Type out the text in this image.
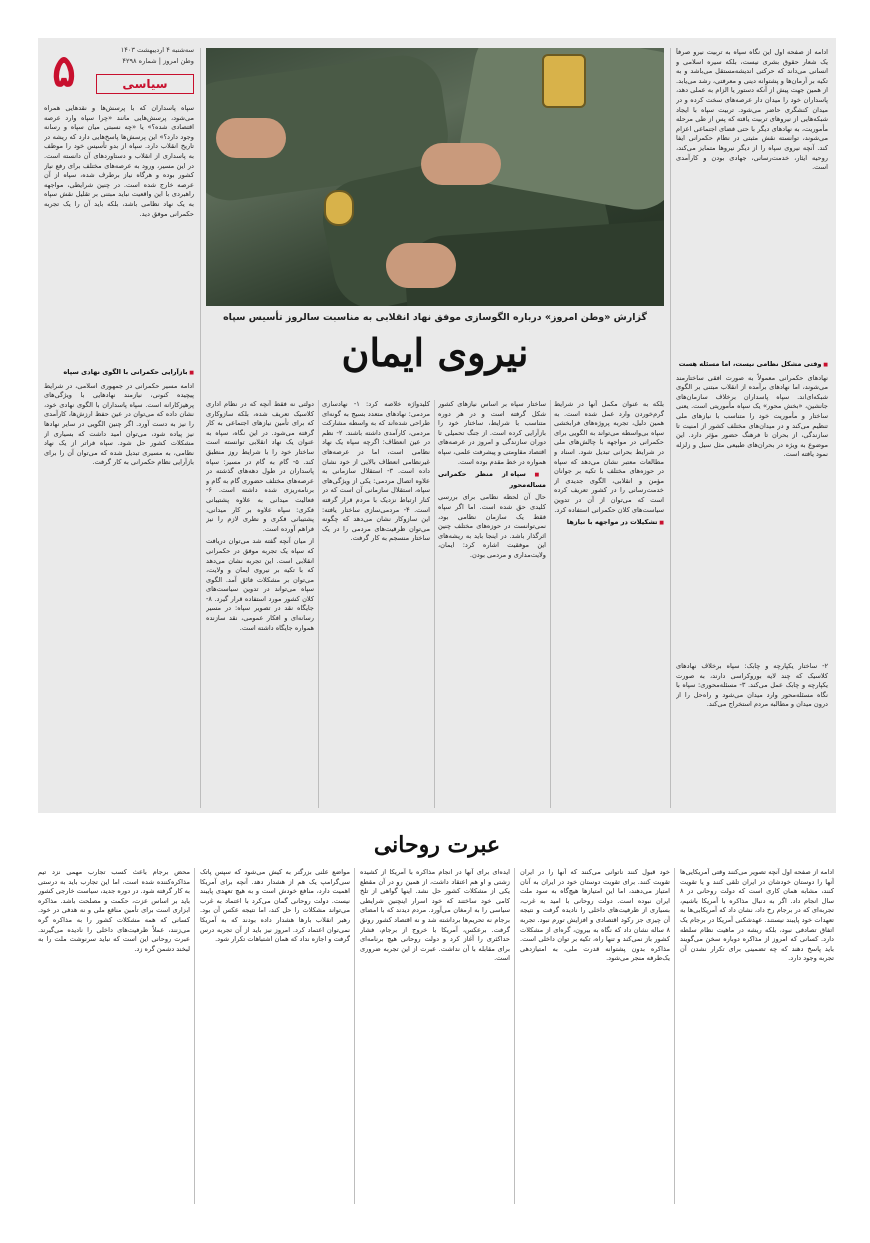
۵	سه‌شنبه ۴ اردیبهشت ۱۴۰۳
وطن امروز | شماره ۴۲۹۸
سیاسی

سپاه پاسداران که با پرسش‌ها و نقدهایی همراه می‌شود، پرسش‌هایی مانند «چرا سپاه وارد عرصه اقتصادی شده؟» یا «چه نسبتی میان سپاه و رسانه وجود دارد؟» این پرسش‌ها پاسخ‌هایی دارد که ریشه در تاریخ انقلاب دارد. سپاه از بدو تأسیس خود را موظف به پاسداری از انقلاب و دستاوردهای آن دانسته است. در این مسیر، ورود به عرصه‌های مختلف برای رفع نیاز کشور بوده و هرگاه نیاز برطرف شده، سپاه از آن عرصه خارج شده است. در چنین شرایطی، مواجهه راهبردی با این واقعیت نباید مبتنی بر تقلیل نقش سپاه به یک نهاد نظامی باشد، بلکه باید آن را یک تجربه حکمرانی موفق دید.

■ بازآرایی حکمرانی با الگوی نهادی سپاه

ادامه مسیر حکمرانی در جمهوری اسلامی، در شرایط پیچیده کنونی، نیازمند نهادهایی با ویژگی‌های پرهیزکارانه است. سپاه پاسداران با الگوی نهادی خود، نشان داده که می‌توان در عین حفظ ارزش‌ها، کارآمدی را نیز به دست آورد. اگر چنین الگویی در سایر نهادها نیز پیاده شود، می‌توان امید داشت که بسیاری از مشکلات کشور حل شود. سپاه فراتر از یک نهاد نظامی، به مسیری تبدیل شده که می‌توان آن را برای بازآرایی نظام حکمرانی به کار گرفت.

گزارش «وطن امروز» درباره الگوسازی موفق نهاد انقلابی به مناسبت سالروز تأسیس سپاه
نیروی ایمان

دولتی نه فقط آنچه که در نظام اداری کلاسیک تعریف شده، بلکه سازوکاری که برای تأمین نیازهای اجتماعی به کار گرفته می‌شود. در این نگاه، سپاه به عنوان یک نهاد انقلابی توانسته است ساختار خود را با شرایط روز منطبق کند. ۵- گام به گام در مسیر: سپاه پاسداران در طول دهه‌های گذشته در عرصه‌های مختلف حضوری گام به گام و برنامه‌ریزی شده داشته است. ۶- فعالیت میدانی به علاوه پشتیبانی فکری: سپاه علاوه بر کار میدانی، پشتیبانی فکری و نظری لازم را نیز فراهم آورده است.

از میان آنچه گفته شد می‌توان دریافت که سپاه یک تجربه موفق در حکمرانی انقلابی است. این تجربه نشان می‌دهد که با تکیه بر نیروی ایمان و ولایت، می‌توان بر مشکلات فائق آمد. الگوی سپاه می‌تواند در تدوین سیاست‌های کلان کشور مورد استفاده قرار گیرد. ۸- جایگاه نقد در تصویر سپاه: در مسیر رسانه‌ای و افکار عمومی، نقد سازنده همواره جایگاه داشته است.

کلیدواژه خلاصه کرد: ۱- نهادسازی مردمی: نهادهای متعدد بسیج به گونه‌ای طراحی شده‌اند که به واسطه مشارکت مردمی، کارآمدی داشته باشند. ۲- نظم در عین انعطاف: اگرچه سپاه یک نهاد نظامی است، اما در عرصه‌های غیرنظامی انعطاف بالایی از خود نشان داده است. ۳- استقلال سازمانی به علاوه اتصال مردمی: یکی از ویژگی‌های سپاه، استقلال سازمانی آن است که در کنار ارتباط نزدیک با مردم قرار گرفته است. ۴- مردمی‌سازی ساختار یافته: این سازوکار نشان می‌دهد که چگونه می‌توان ظرفیت‌های مردمی را در یک ساختار منسجم به کار گرفت.

ساختار سپاه بر اساس نیازهای کشور شکل گرفته است و در هر دوره متناسب با شرایط، ساختار خود را بازآرایی کرده است. از جنگ تحمیلی تا دوران سازندگی و امروز در عرصه‌های اقتصاد مقاومتی و پیشرفت علمی، سپاه همواره در خط مقدم بوده است.

■ سپاه از منظر حکمرانی مساله‌محور

حال آن لحظه نظامی برای بررسی کلیدی حق شده است. اما اگر سپاه فقط یک سازمان نظامی بود، نمی‌توانست در حوزه‌های مختلف چنین اثرگذار باشد. در اینجا باید به ریشه‌های این موفقیت اشاره کرد: ایمان، ولایت‌مداری و مردمی بودن.

بلکه به عنوان مکمل آنها در شرایط گرم‌خوردن وارد عمل شده است. به همین دلیل، تجربه پروژه‌های فرابخشی سپاه بی‌واسطه می‌تواند به الگویی برای حکمرانی در مواجهه با چالش‌های ملی در شرایط بحرانی تبدیل شود. اسناد و مطالعات معتبر نشان می‌دهد که سپاه در حوزه‌های مختلف با تکیه بر جوانان مؤمن و انقلابی، الگوی جدیدی از خدمت‌رسانی را در کشور تعریف کرده است که می‌توان از آن در تدوین سیاست‌های کلان حکمرانی استفاده کرد.

■ تشکیلات در مواجهه با نیازها

ادامه از صفحه اول این نگاه سپاه به تربیت نیرو صرفاً یک شعار حقوق بشری نیست، بلکه سیره اسلامی و انسانی می‌داند که حرکتی اندیشه‌مستقل می‌باشد و به تکیه بر آرمان‌ها و پشتوانه دینی و معرفتی، رشد می‌یابد. از همین جهت پیش از آنکه دستور یا الزام به عملی دهد، پاسداران خود را میدان دار عرصه‌های سخت کرده و در میدان کنشگری حاضر می‌شود. تربیت سپاه با ایجاد شبکه‌هایی از نیروهای تربیت یافته که پس از طی مرحله مأموریت، به نهادهای دیگر با حتی فضای اجتماعی اعزام می‌شوند، توانسته نقش مثبتی در نظام حکمرانی ایفا کند. آنچه نیروی سپاه را از دیگر نیروها متمایز می‌کند، روحیه ایثار، خدمت‌رسانی، جهادی بودن و کارآمدی است.

■ وفتی مشکل نظامی نیست، اما مسئله هست

نهادهای حکمرانی معمولاً به صورت افقی ساختارمند می‌شوند، اما نهادهای برآمده از انقلاب مبتنی بر الگوی شبکه‌ای‌اند. سپاه پاسداران برخلاف سازمان‌های جانشین، «بخش محور» یک سپاه مأموریتی است. یعنی ساختار و مأموریت خود را متناسب با نیازهای ملی تنظیم می‌کند و در میدان‌های مختلف کشور از امنیت تا سازندگی، از بحران تا فرهنگ حضور مؤثر دارد. این موضوع به ویژه در بحران‌های طبیعی مثل سیل و زلزله نمود یافته است.

۲- ساختار یکپارچه و چابک: سپاه برخلاف نهادهای کلاسیک که چند لایه بوروکراسی دارند، به صورت یکپارچه و چابک عمل می‌کند. ۳- مسئله‌محوری: سپاه با نگاه مسئله‌محور وارد میدان می‌شود و راه‌حل را از درون میدان و مطالبه مردم استخراج می‌کند.

عبرت روحانی

ادامه از صفحه اول آنچه تصویر می‌کنند وقتی آمریکایی‌ها آنها را دوستان خودشان در ایران تلقی کنند و یا تقویت کنند، مشابه همان کاری است که دولت روحانی در ۸ سال انجام داد. اگر به دنبال مذاکره با آمریکا باشیم، تجربه‌ای که در برجام رخ داد، نشان داد که آمریکایی‌ها به تعهدات خود پایبند نیستند. عهدشکنی آمریکا در برجام یک اتفاق تصادفی نبود، بلکه ریشه در ماهیت نظام سلطه دارد. کسانی که امروز از مذاکره دوباره سخن می‌گویند باید پاسخ دهند که چه تضمینی برای تکرار نشدن آن تجربه وجود دارد.

خود قبول کنند ناتوانی می‌کنند که آنها را در ایران تقویت کنند. برای تقویت دوستان خود در ایران به آنان امتیاز می‌دهند، اما این امتیازها هیچ‌گاه به سود ملت ایران نبوده است. دولت روحانی با امید به غرب، بسیاری از ظرفیت‌های داخلی را نادیده گرفت و نتیجه آن چیزی جز رکود اقتصادی و افزایش تورم نبود. تجربه ۸ ساله نشان داد که نگاه به بیرون، گره‌ای از مشکلات کشور باز نمی‌کند و تنها راه، تکیه بر توان داخلی است. مذاکره بدون پشتوانه قدرت ملی، به امتیازدهی یک‌طرفه منجر می‌شود.

ایده‌ای برای آنها در انجام مذاکره با آمریکا از کشیده زشتی و او هم اعتقاد داشت، از همین رو در آن مقطع یکی از مشکلات کشور حل نشد. اینها گواهی از تلخ کامی خود ساختند که خود اسرار اینچنین شرایطی سیاسی را به ارمغان می‌آورد. مردم دیدند که با امضای برجام نه تحریم‌ها برداشته شد و نه اقتصاد کشور رونق گرفت. برعکس، آمریکا با خروج از برجام، فشار حداکثری را آغاز کرد و دولت روحانی هیچ برنامه‌ای برای مقابله با آن نداشت. عبرت از این تجربه ضروری است.

مواضع علنی بزرگتر به کیش می‌شود که سپس پاتک سی‌گرامپ یک هم از هشدار دهد. آنچه برای آمریکا اهمیت دارد، منافع خودش است و به هیچ تعهدی پایبند نیست. دولت روحانی گمان می‌کرد با اعتماد به غرب می‌تواند مشکلات را حل کند، اما نتیجه عکس آن بود. رهبر انقلاب بارها هشدار داده بودند که به آمریکا نمی‌توان اعتماد کرد. امروز نیز باید از آن تجربه درس گرفت و اجازه نداد که همان اشتباهات تکرار شود.

محض برجام باعث کسب تجارب مهمی نزد تیم مذاکره‌کننده شده است، اما این تجارب باید به درستی به کار گرفته شود. در دوره جدید، سیاست خارجی کشور باید بر اساس عزت، حکمت و مصلحت باشد. مذاکره ابزاری است برای تأمین منافع ملی و نه هدفی در خود. کسانی که همه مشکلات کشور را به مذاکره گره می‌زنند، عملاً ظرفیت‌های داخلی را نادیده می‌گیرند. عبرت روحانی این است که نباید سرنوشت ملت را به لبخند دشمن گره زد.
